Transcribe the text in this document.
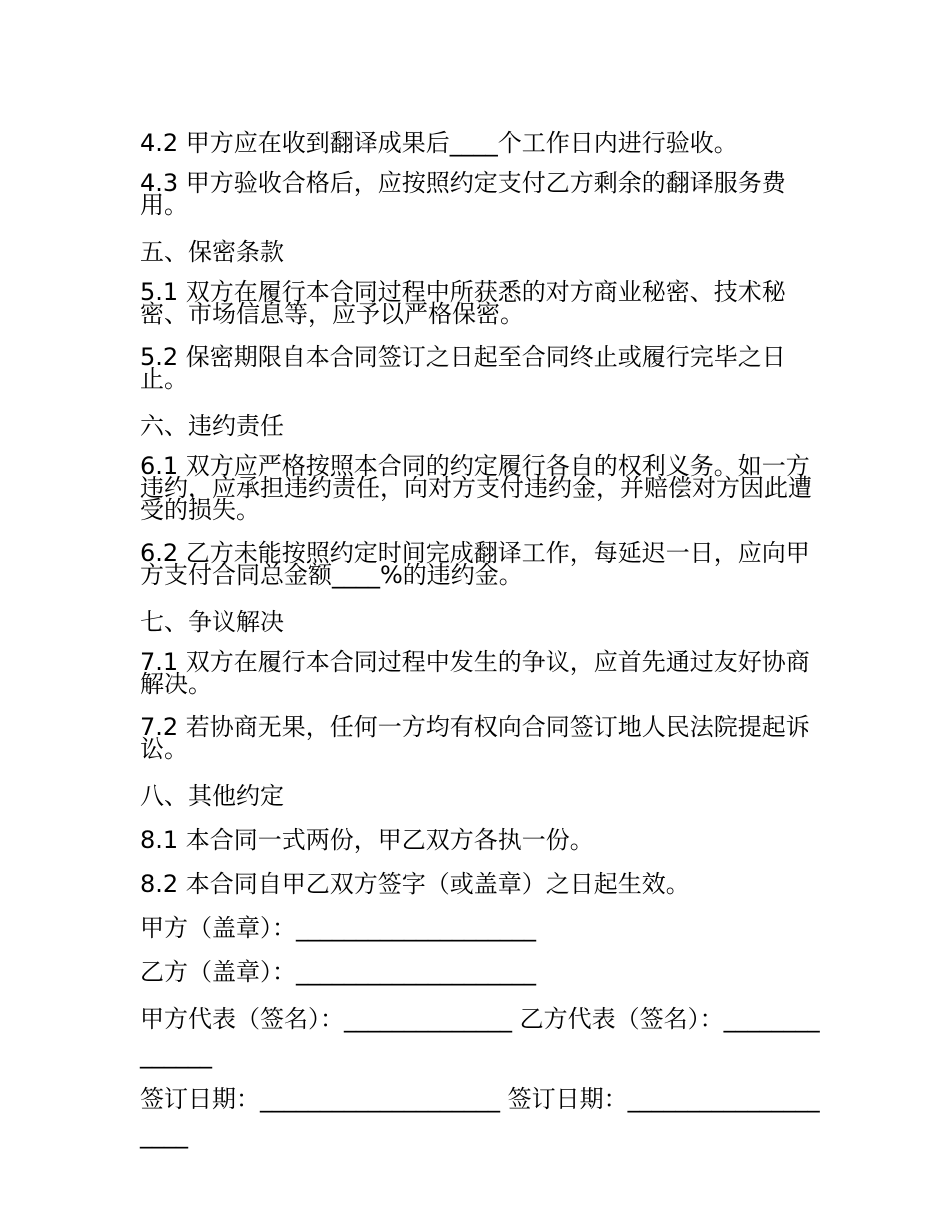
4.2 甲方应在收到翻译成果后____个工作日内进行验收。

4.3 甲方验收合格后，应按照约定支付乙方剩余的翻译服务费用。

五、保密条款

5.1 双方在履行本合同过程中所获悉的对方商业秘密、技术秘密、市场信息等，应予以严格保密。

5.2 保密期限自本合同签订之日起至合同终止或履行完毕之日止。

六、违约责任

6.1 双方应严格按照本合同的约定履行各自的权利义务。如一方违约，应承担违约责任，向对方支付违约金，并赔偿对方因此遭受的损失。

6.2 乙方未能按照约定时间完成翻译工作，每延迟一日，应向甲方支付合同总金额____%的违约金。

七、争议解决

7.1 双方在履行本合同过程中发生的争议，应首先通过友好协商解决。

7.2 若协商无果，任何一方均有权向合同签订地人民法院提起诉讼。

八、其他约定

8.1 本合同一式两份，甲乙双方各执一份。

8.2 本合同自甲乙双方签字（或盖章）之日起生效。

甲方（盖章）：____________________

乙方（盖章）：____________________

甲方代表（签名）：______________ 乙方代表（签名）：______________

签订日期：____________________ 签订日期：____________________
